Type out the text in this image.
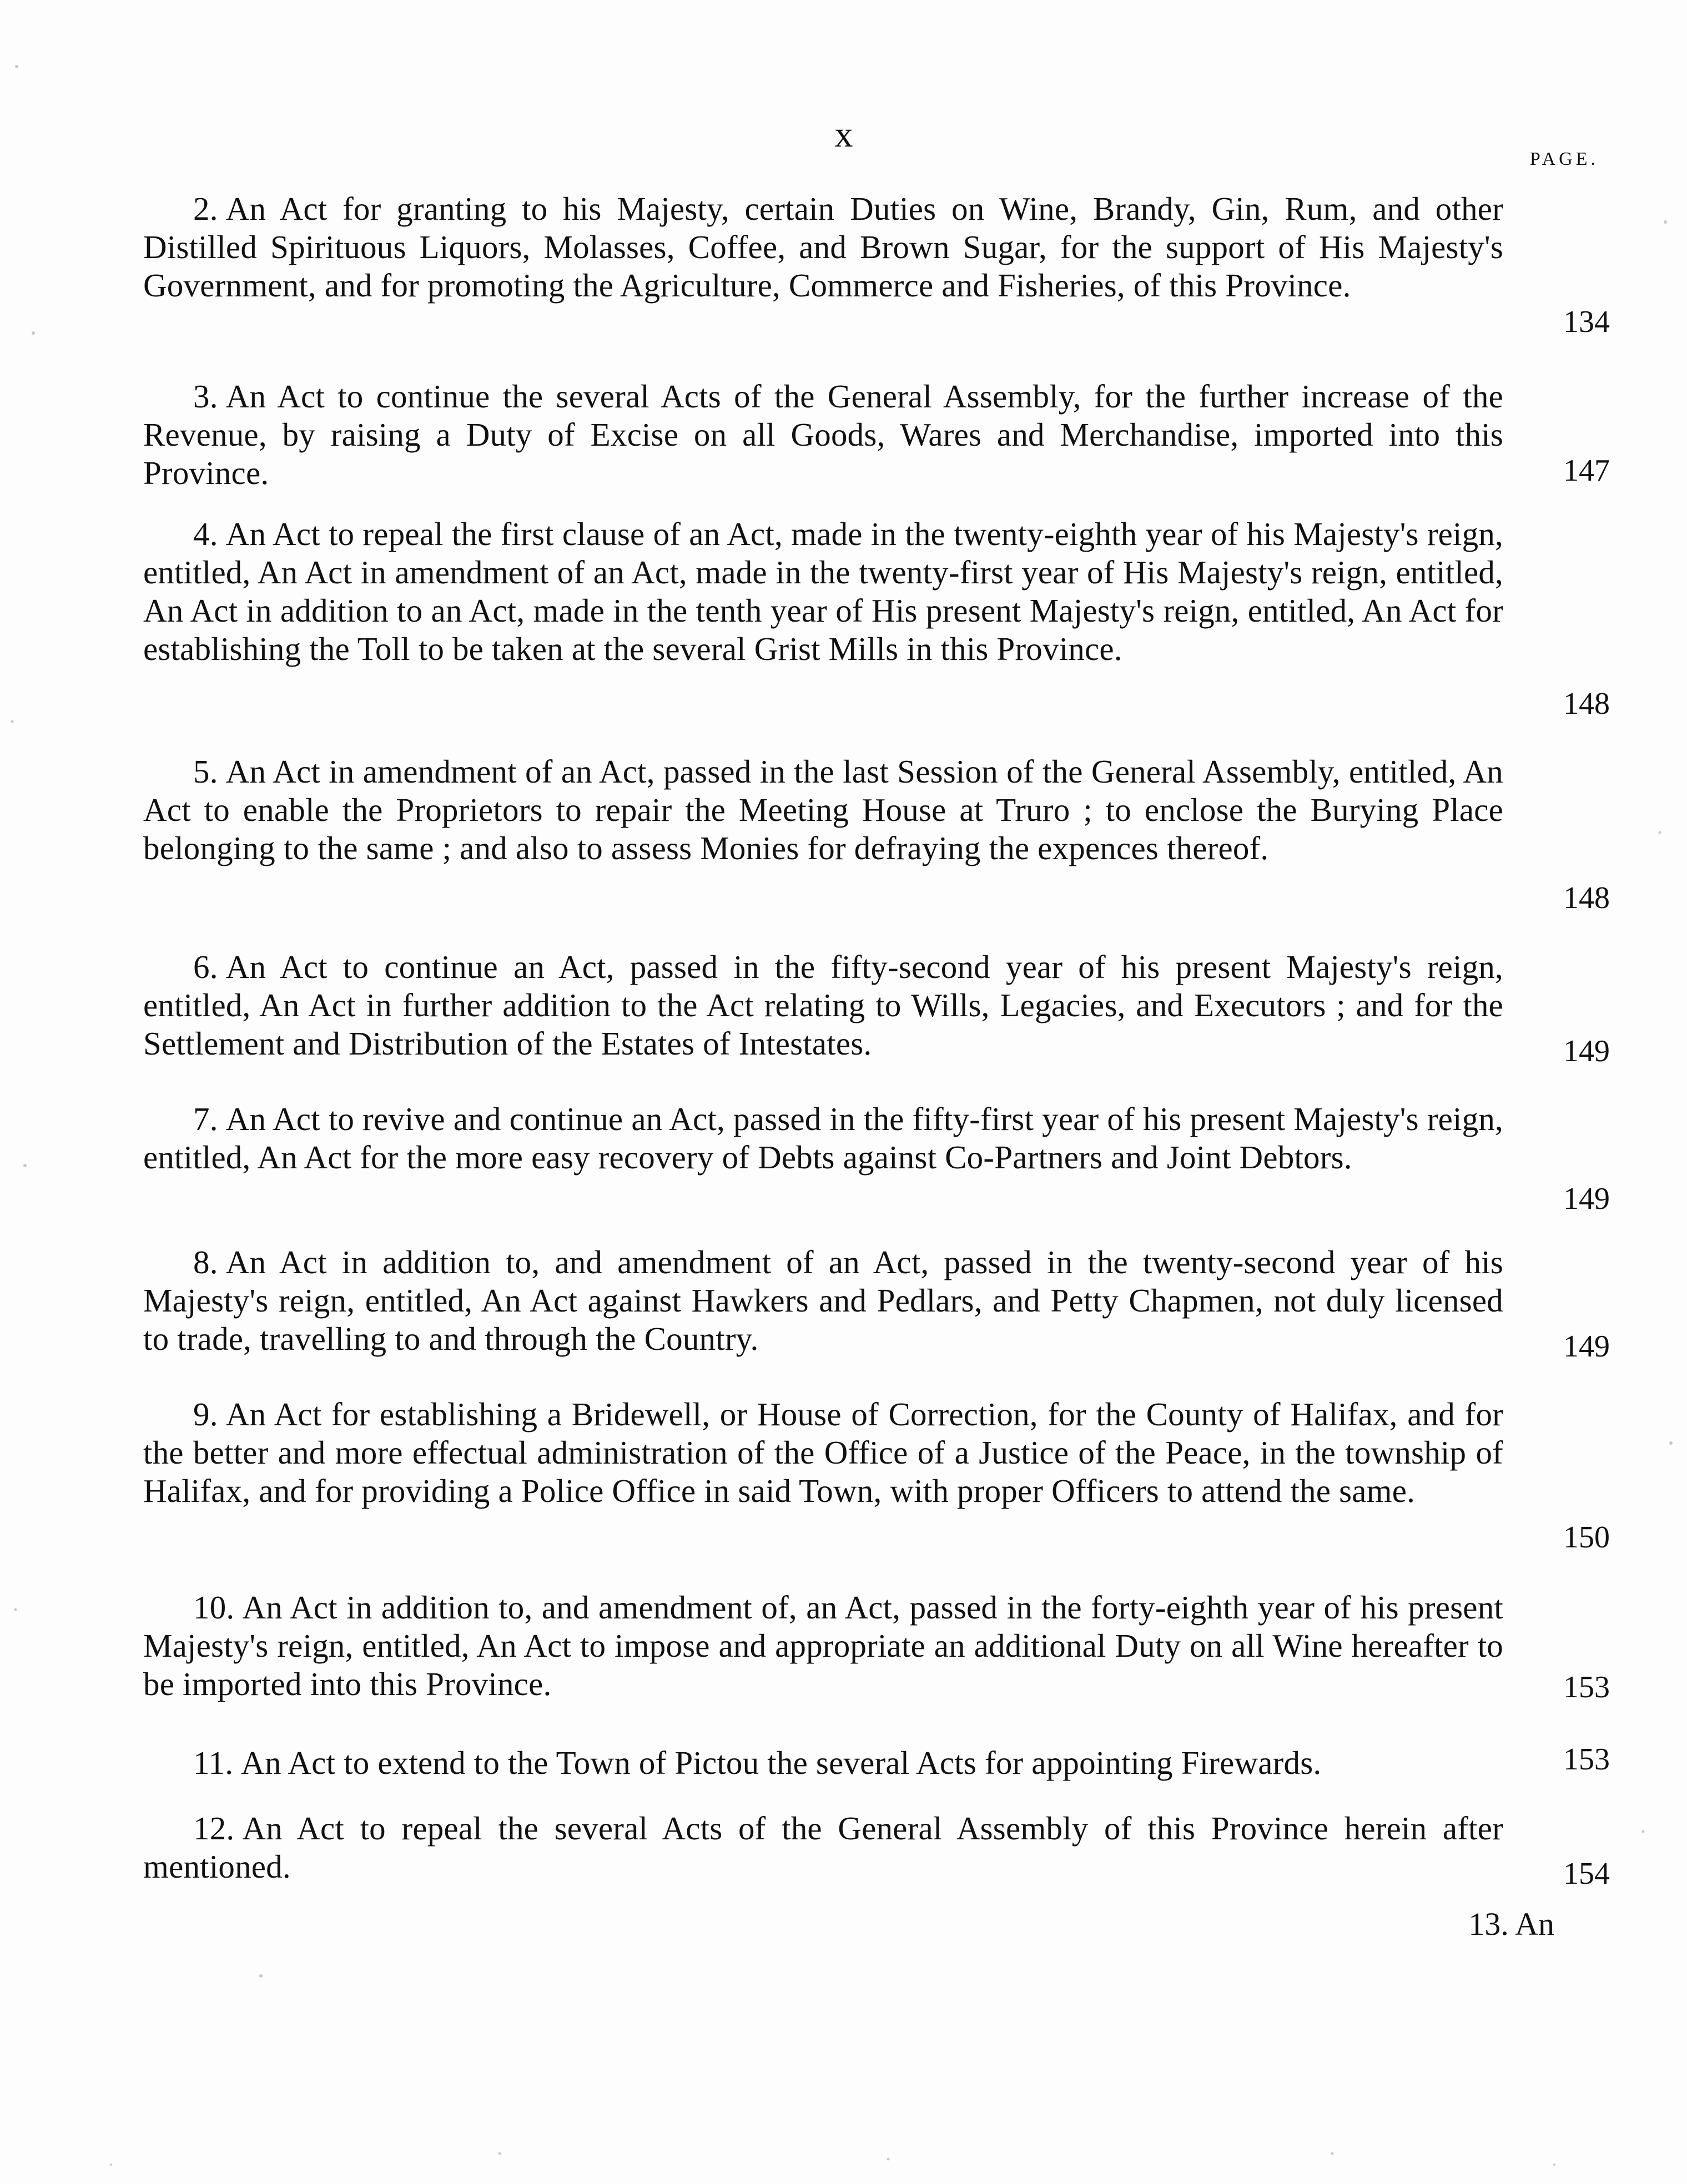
x
PAGE.
2. An Act for granting to his Majesty, certain Duties on Wine, Brandy, Gin, Rum, and other Distilled Spirituous Liquors, Molasses, Coffee, and Brown Sugar, for the support of His Majesty's Government, and for promoting the Agriculture, Commerce and Fisheries, of this Province.
134
3. An Act to continue the several Acts of the General Assembly, for the further increase of the Revenue, by raising a Duty of Excise on all Goods, Wares and Merchandise, imported into this Province.	147
4. An Act to repeal the first clause of an Act, made in the twenty-eighth year of his Majesty's reign, entitled, An Act in amendment of an Act, made in the twenty-first year of His Majesty's reign, entitled, An Act in addition to an Act, made in the tenth year of His present Majesty's reign, entitled, An Act for establishing the Toll to be taken at the several Grist Mills in this Province.
148
5. An Act in amendment of an Act, passed in the last Session of the General Assembly, entitled, An Act to enable the Proprietors to repair the Meeting House at Truro ; to enclose the Burying Place belonging to the same ; and also to assess Monies for defraying the expences thereof.
148
6. An Act to continue an Act, passed in the fifty-second year of his present Majesty's reign, entitled, An Act in further addition to the Act relating to Wills, Legacies, and Executors ; and for the Settlement and Distribution of the Estates of Intestates.	149
7. An Act to revive and continue an Act, passed in the fifty-first year of his present Majesty's reign, entitled, An Act for the more easy recovery of Debts against Co-Partners and Joint Debtors.
149
8. An Act in addition to, and amendment of an Act, passed in the twenty-second year of his Majesty's reign, entitled, An Act against Hawkers and Pedlars, and Petty Chapmen, not duly licensed to trade, travelling to and through the Country.	149
9. An Act for establishing a Bridewell, or House of Correction, for the County of Halifax, and for the better and more effectual administration of the Office of a Justice of the Peace, in the township of Halifax, and for providing a Police Office in said Town, with proper Officers to attend the same.
150
10. An Act in addition to, and amendment of, an Act, passed in the forty-eighth year of his present Majesty's reign, entitled, An Act to impose and appropriate an additional Duty on all Wine hereafter to be imported into this Province.	153
11. An Act to extend to the Town of Pictou the several Acts for appointing Firewards.	153
12. An Act to repeal the several Acts of the General Assembly of this Province herein after mentioned.	154
13. An
